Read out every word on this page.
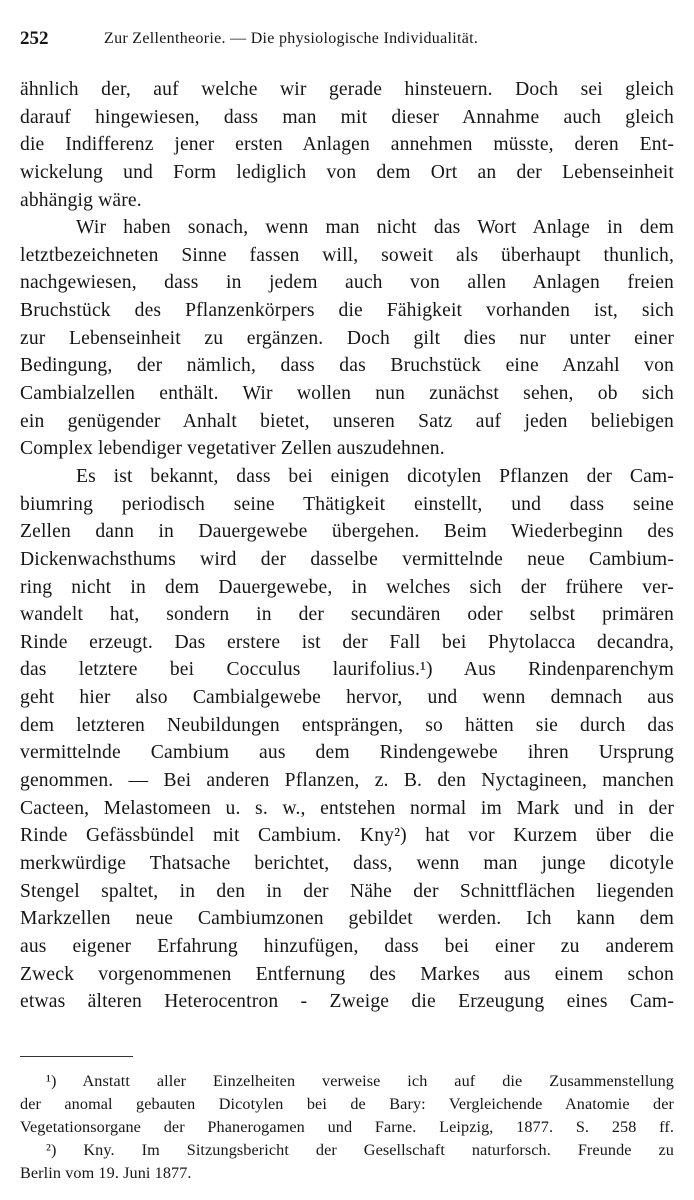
252	Zur Zellentheorie. — Die physiologische Individualität.
ähnlich der, auf welche wir gerade hinsteuern. Doch sei gleich
darauf hingewiesen, dass man mit dieser Annahme auch gleich
die Indifferenz jener ersten Anlagen annehmen müsste, deren Ent-
wickelung und Form lediglich von dem Ort an der Lebenseinheit
abhängig wäre.
Wir haben sonach, wenn man nicht das Wort Anlage in dem
letztbezeichneten Sinne fassen will, soweit als überhaupt thunlich,
nachgewiesen, dass in jedem auch von allen Anlagen freien
Bruchstück des Pflanzenkörpers die Fähigkeit vorhanden ist, sich
zur Lebenseinheit zu ergänzen. Doch gilt dies nur unter einer
Bedingung, der nämlich, dass das Bruchstück eine Anzahl von
Cambialzellen enthält. Wir wollen nun zunächst sehen, ob sich
ein genügender Anhalt bietet, unseren Satz auf jeden beliebigen
Complex lebendiger vegetativer Zellen auszudehnen.
Es ist bekannt, dass bei einigen dicotylen Pflanzen der Cam-
biumring periodisch seine Thätigkeit einstellt, und dass seine
Zellen dann in Dauergewebe übergehen. Beim Wiederbeginn des
Dickenwachsthums wird der dasselbe vermittelnde neue Cambium-
ring nicht in dem Dauergewebe, in welches sich der frühere ver-
wandelt hat, sondern in der secundären oder selbst primären
Rinde erzeugt. Das erstere ist der Fall bei Phytolacca decandra,
das letztere bei Cocculus laurifolius.¹) Aus Rindenparenchym
geht hier also Cambialgewebe hervor, und wenn demnach aus
dem letzteren Neubildungen entsprängen, so hätten sie durch das
vermittelnde Cambium aus dem Rindengewebe ihren Ursprung
genommen. — Bei anderen Pflanzen, z. B. den Nyctagineen, manchen
Cacteen, Melastomeen u. s. w., entstehen normal im Mark und in der
Rinde Gefässbündel mit Cambium. Kny²) hat vor Kurzem über die
merkwürdige Thatsache berichtet, dass, wenn man junge dicotyle
Stengel spaltet, in den in der Nähe der Schnittflächen liegenden
Markzellen neue Cambiumzonen gebildet werden. Ich kann dem
aus eigener Erfahrung hinzufügen, dass bei einer zu anderem
Zweck vorgenommenen Entfernung des Markes aus einem schon
etwas älteren Heterocentron - Zweige die Erzeugung eines Cam-
¹) Anstatt aller Einzelheiten verweise ich auf die Zusammenstellung
der anomal gebauten Dicotylen bei de Bary: Vergleichende Anatomie der
Vegetationsorgane der Phanerogamen und Farne. Leipzig, 1877. S. 258 ff.
²) Kny. Im Sitzungsbericht der Gesellschaft naturforsch. Freunde zu
Berlin vom 19. Juni 1877.
